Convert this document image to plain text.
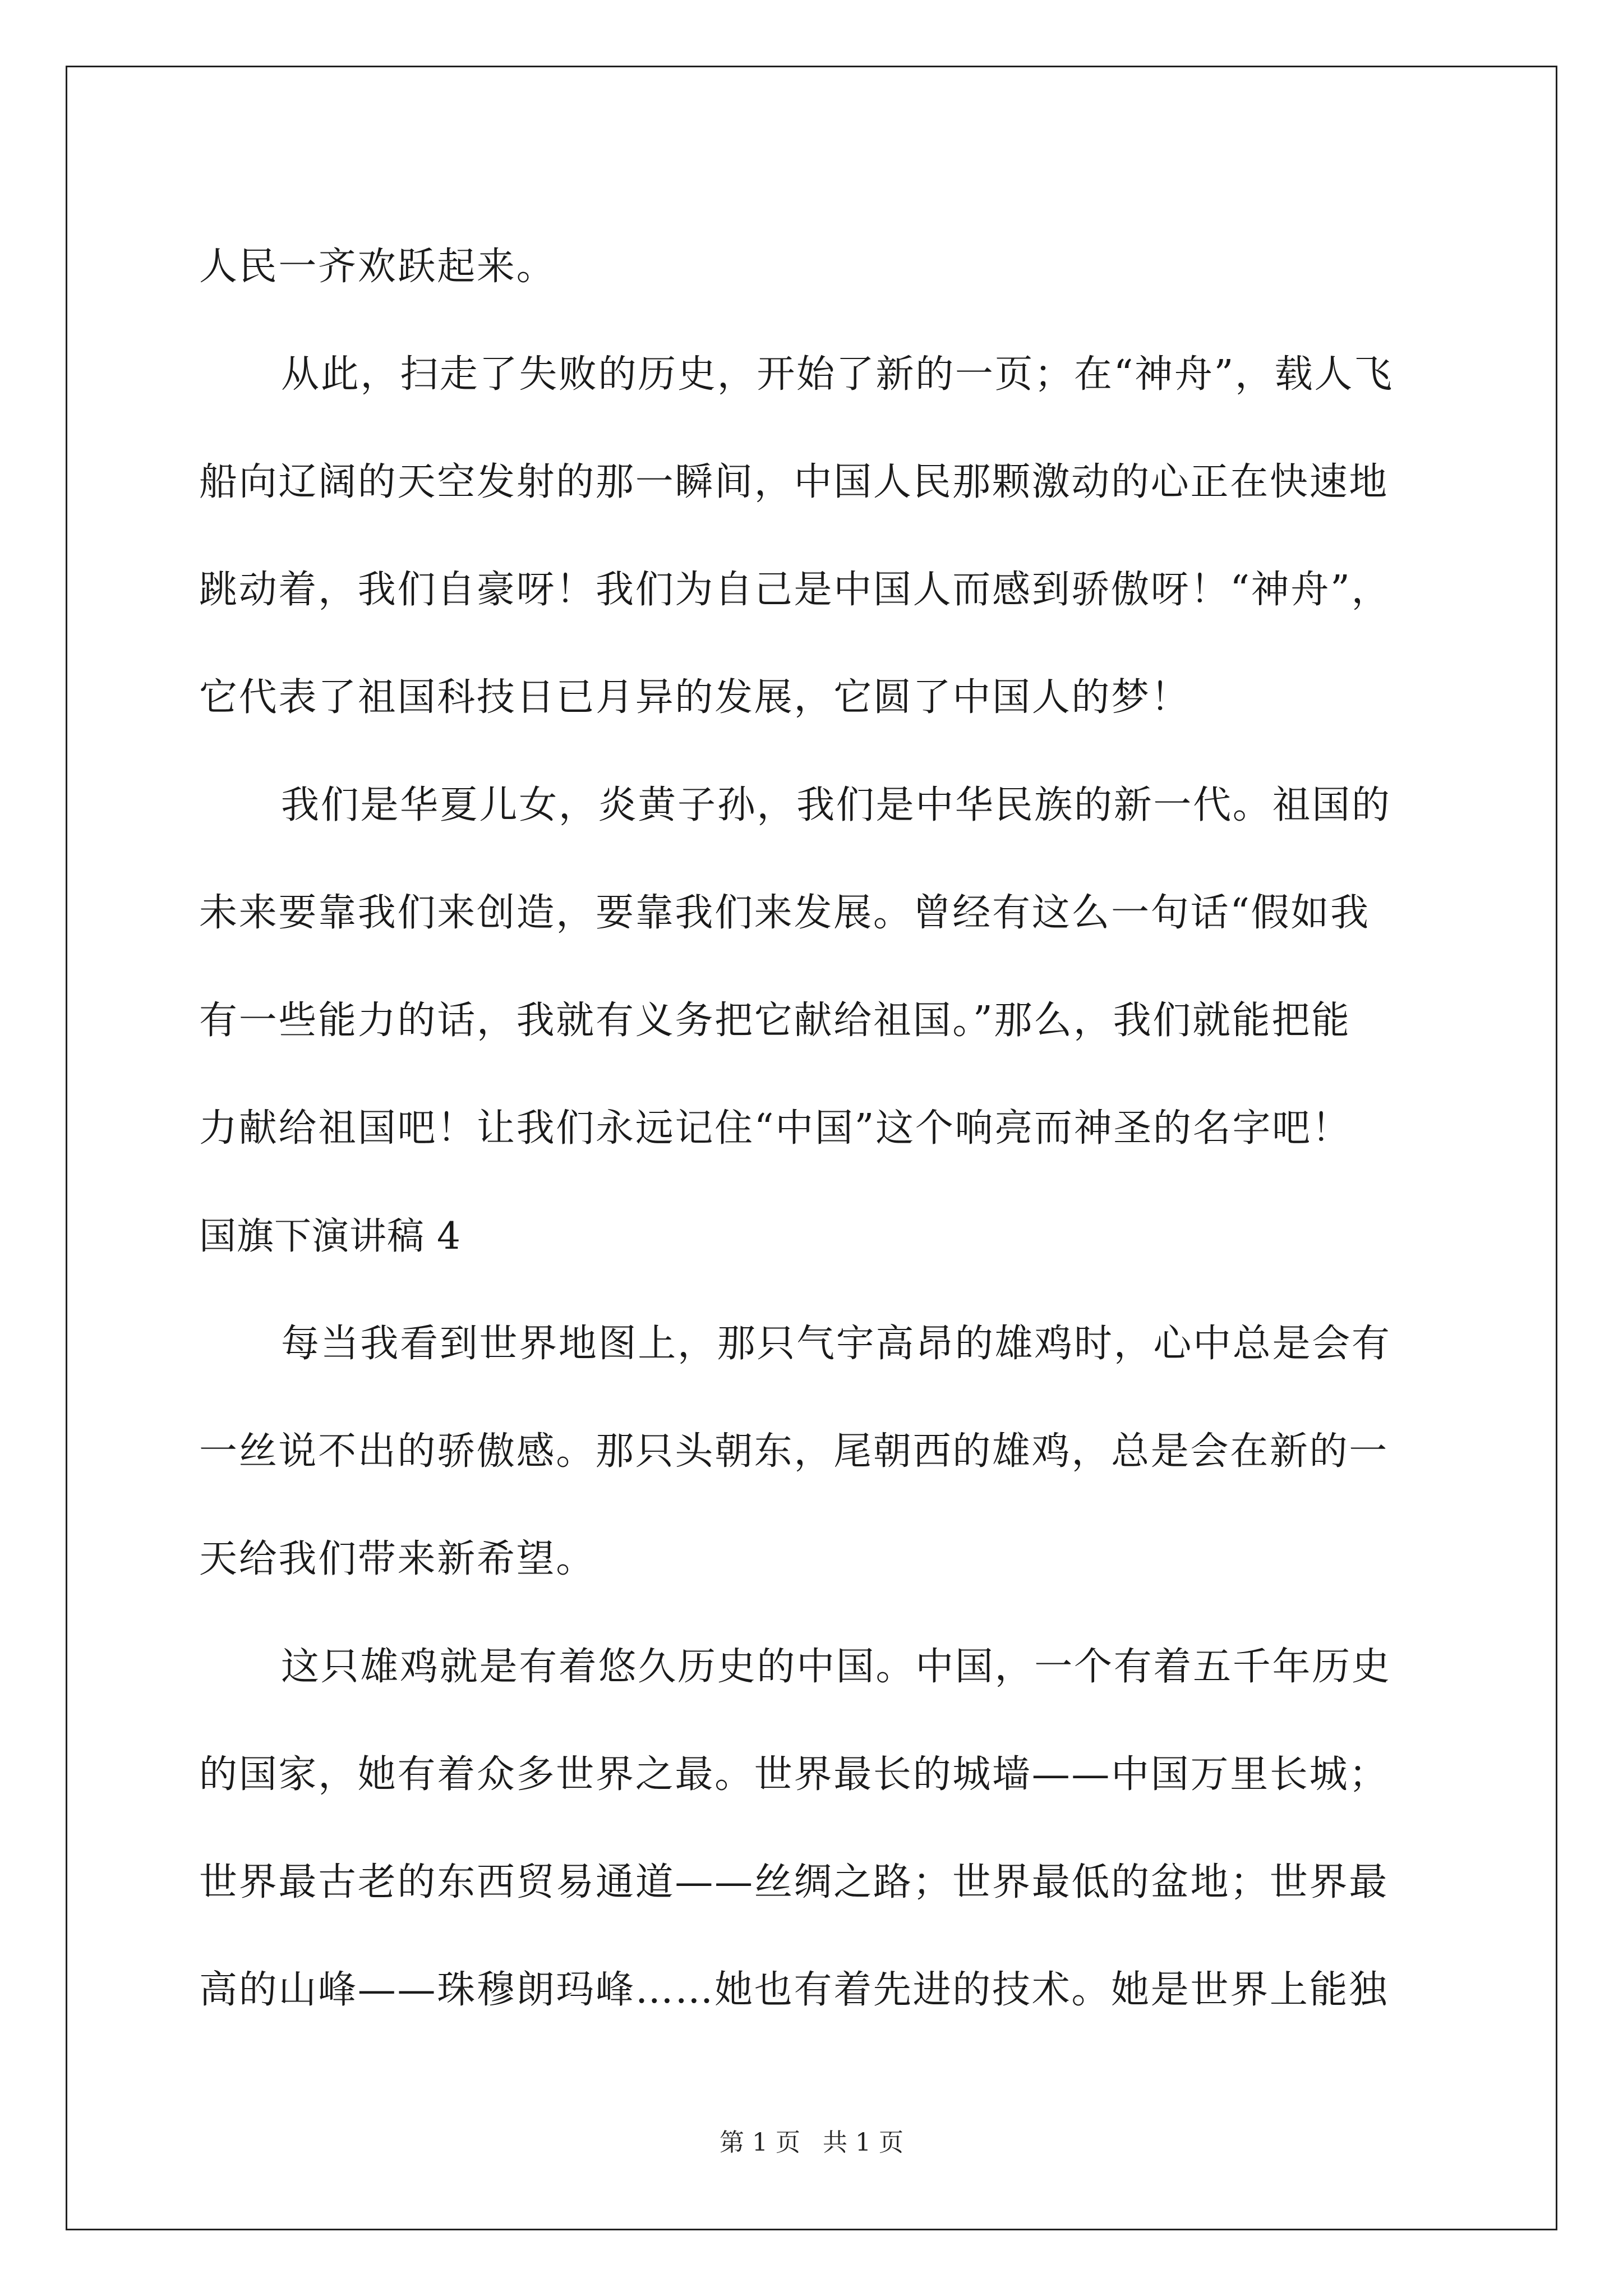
人民一齐欢跃起来。
从此，扫走了失败的历史，开始了新的一页；在“神舟”，载人飞
船向辽阔的天空发射的那一瞬间，中国人民那颗激动的心正在快速地
跳动着，我们自豪呀！我们为自己是中国人而感到骄傲呀！“神舟”，
它代表了祖国科技日已月异的发展，它圆了中国人的梦！
我们是华夏儿女，炎黄子孙，我们是中华民族的新一代。祖国的
未来要靠我们来创造，要靠我们来发展。曾经有这么一句话“假如我
有一些能力的话，我就有义务把它献给祖国。”那么，我们就能把能
力献给祖国吧！让我们永远记住“中国”这个响亮而神圣的名字吧！
国旗下演讲稿 4
每当我看到世界地图上，那只气宇高昂的雄鸡时，心中总是会有
一丝说不出的骄傲感。那只头朝东，尾朝西的雄鸡，总是会在新的一
天给我们带来新希望。
这只雄鸡就是有着悠久历史的中国。中国，一个有着五千年历史
的国家，她有着众多世界之最。世界最长的城墙——中国万里长城；
世界最古老的东西贸易通道——丝绸之路；世界最低的盆地；世界最
高的山峰——珠穆朗玛峰……她也有着先进的技术。她是世界上能独
第 1 页 共 1 页
